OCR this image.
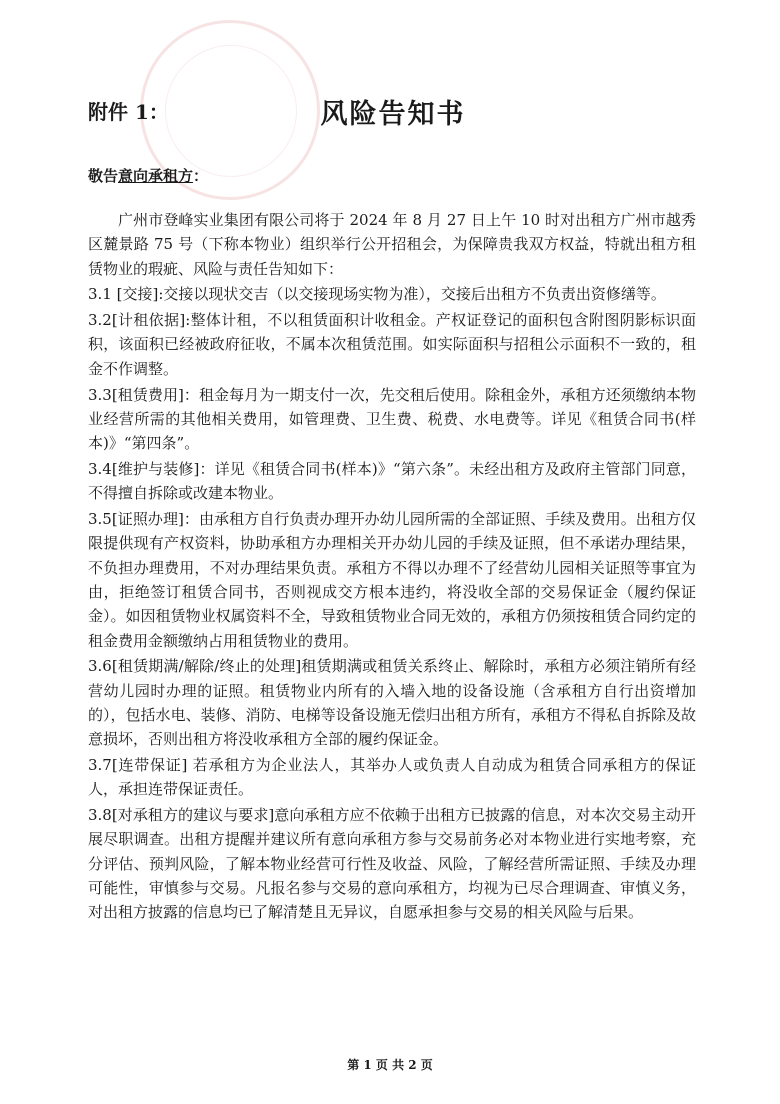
附件 1：	风险告知书
敬告意向承租方：

广州市登峰实业集团有限公司将于 2024 年 8 月 27 日上午 10 时对出租方广州市越秀区麓景路 75 号（下称本物业）组织举行公开招租会，为保障贵我双方权益，特就出租方租赁物业的瑕疵、风险与责任告知如下：

3.1 [交接]:交接以现状交吉（以交接现场实物为准），交接后出租方不负责出资修缮等。

3.2[计租依据]:整体计租，不以租赁面积计收租金。产权证登记的面积包含附图阴影标识面积，该面积已经被政府征收，不属本次租赁范围。如实际面积与招租公示面积不一致的，租金不作调整。

3.3[租赁费用]：租金每月为一期支付一次，先交租后使用。除租金外，承租方还须缴纳本物业经营所需的其他相关费用，如管理费、卫生费、税费、水电费等。详见《租赁合同书(样本)》“第四条”。

3.4[维护与装修]：详见《租赁合同书(样本)》“第六条”。未经出租方及政府主管部门同意，不得擅自拆除或改建本物业。

3.5[证照办理]：由承租方自行负责办理开办幼儿园所需的全部证照、手续及费用。出租方仅限提供现有产权资料，协助承租方办理相关开办幼儿园的手续及证照，但不承诺办理结果，不负担办理费用，不对办理结果负责。承租方不得以办理不了经营幼儿园相关证照等事宜为由，拒绝签订租赁合同书，否则视成交方根本违约，将没收全部的交易保证金（履约保证金）。如因租赁物业权属资料不全，导致租赁物业合同无效的，承租方仍须按租赁合同约定的租金费用金额缴纳占用租赁物业的费用。

3.6[租赁期满/解除/终止的处理]租赁期满或租赁关系终止、解除时，承租方必须注销所有经营幼儿园时办理的证照。租赁物业内所有的入墙入地的设备设施（含承租方自行出资增加的），包括水电、装修、消防、电梯等设备设施无偿归出租方所有，承租方不得私自拆除及故意损坏，否则出租方将没收承租方全部的履约保证金。

3.7[连带保证] 若承租方为企业法人，其举办人或负责人自动成为租赁合同承租方的保证人，承担连带保证责任。

3.8[对承租方的建议与要求]意向承租方应不依赖于出租方已披露的信息，对本次交易主动开展尽职调查。出租方提醒并建议所有意向承租方参与交易前务必对本物业进行实地考察，充分评估、预判风险，了解本物业经营可行性及收益、风险，了解经营所需证照、手续及办理可能性，审慎参与交易。凡报名参与交易的意向承租方，均视为已尽合理调查、审慎义务，对出租方披露的信息均已了解清楚且无异议，自愿承担参与交易的相关风险与后果。

第 1 页 共 2 页
